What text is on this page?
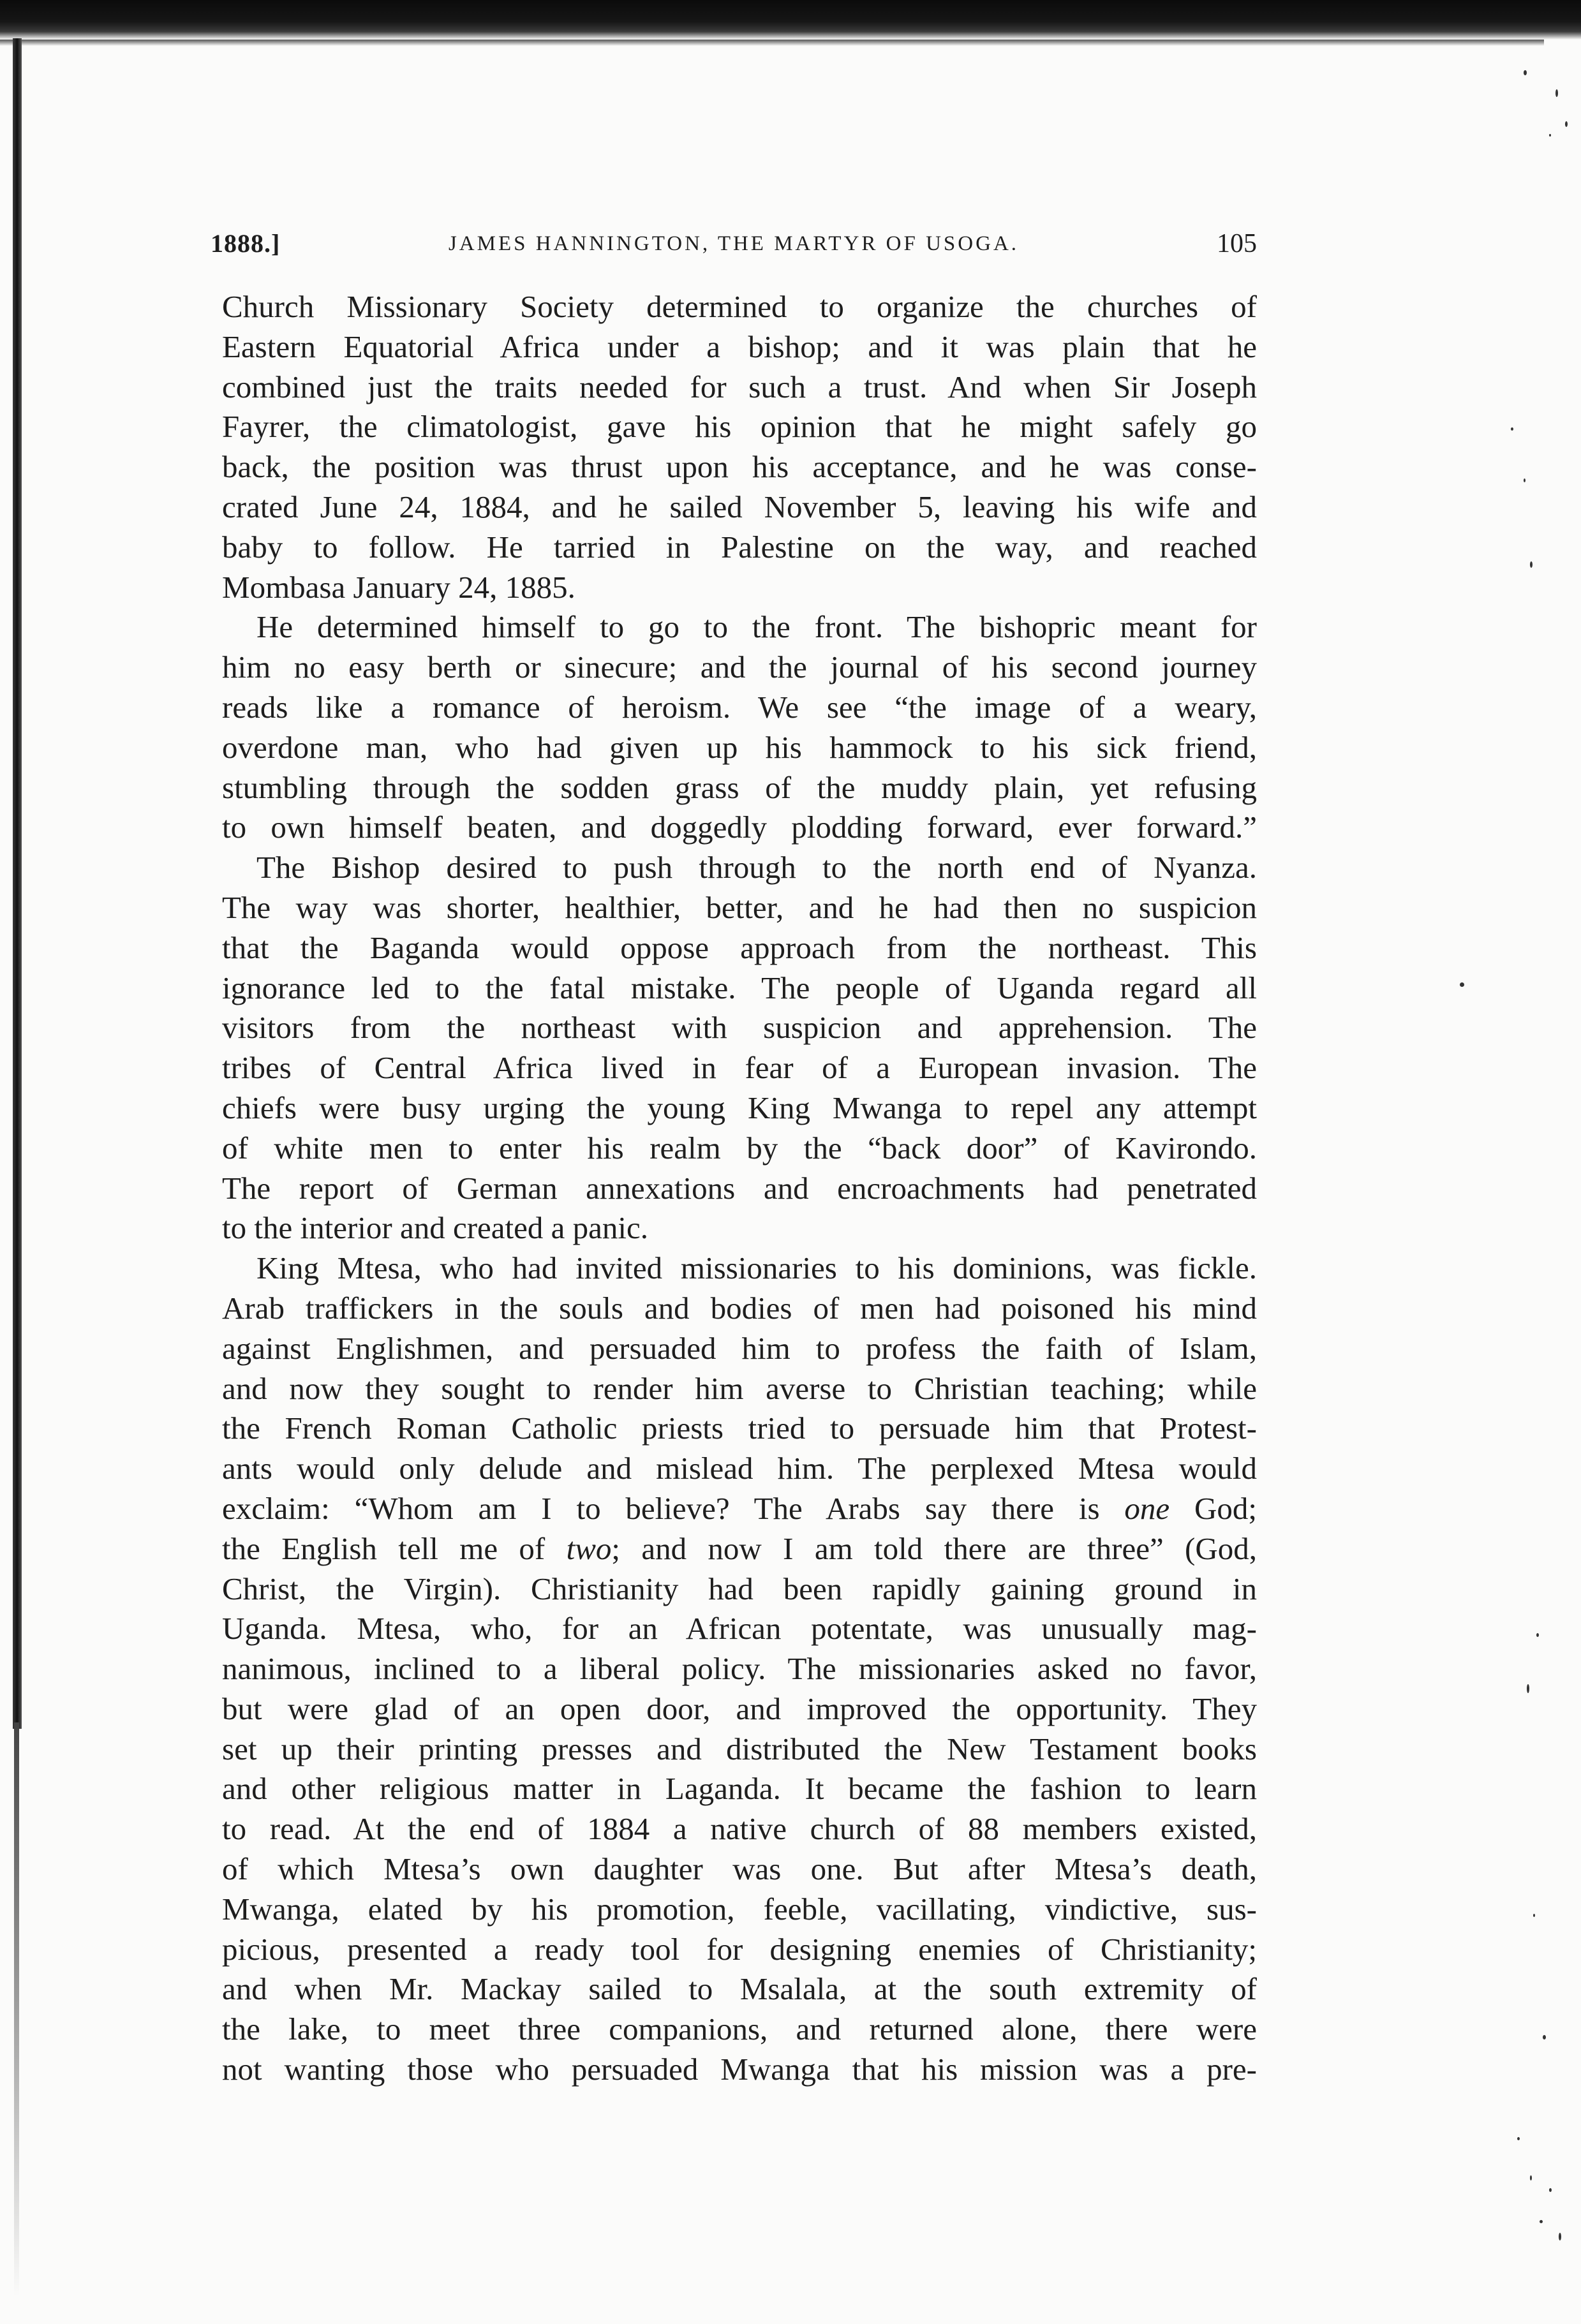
1888.]	JAMES HANNINGTON, THE MARTYR OF USOGA.	105
Church Missionary Society determined to organize the churches of
Eastern Equatorial Africa under a bishop; and it was plain that he
combined just the traits needed for such a trust. And when Sir Joseph
Fayrer, the climatologist, gave his opinion that he might safely go
back, the position was thrust upon his acceptance, and he was conse-
crated June 24, 1884, and he sailed November 5, leaving his wife and
baby to follow. He tarried in Palestine on the way, and reached
Mombasa January 24, 1885.
He determined himself to go to the front. The bishopric meant for
him no easy berth or sinecure; and the journal of his second journey
reads like a romance of heroism. We see “the image of a weary,
overdone man, who had given up his hammock to his sick friend,
stumbling through the sodden grass of the muddy plain, yet refusing
to own himself beaten, and doggedly plodding forward, ever forward.”
The Bishop desired to push through to the north end of Nyanza.
The way was shorter, healthier, better, and he had then no suspicion
that the Baganda would oppose approach from the northeast. This
ignorance led to the fatal mistake. The people of Uganda regard all
visitors from the northeast with suspicion and apprehension. The
tribes of Central Africa lived in fear of a European invasion. The
chiefs were busy urging the young King Mwanga to repel any attempt
of white men to enter his realm by the “back door” of Kavirondo.
The report of German annexations and encroachments had penetrated
to the interior and created a panic.
King Mtesa, who had invited missionaries to his dominions, was fickle.
Arab traffickers in the souls and bodies of men had poisoned his mind
against Englishmen, and persuaded him to profess the faith of Islam,
and now they sought to render him averse to Christian teaching; while
the French Roman Catholic priests tried to persuade him that Protest-
ants would only delude and mislead him. The perplexed Mtesa would
exclaim: “Whom am I to believe? The Arabs say there is one God;
the English tell me of two; and now I am told there are three” (God,
Christ, the Virgin). Christianity had been rapidly gaining ground in
Uganda. Mtesa, who, for an African potentate, was unusually mag-
nanimous, inclined to a liberal policy. The missionaries asked no favor,
but were glad of an open door, and improved the opportunity. They
set up their printing presses and distributed the New Testament books
and other religious matter in Laganda. It became the fashion to learn
to read. At the end of 1884 a native church of 88 members existed,
of which Mtesa’s own daughter was one. But after Mtesa’s death,
Mwanga, elated by his promotion, feeble, vacillating, vindictive, sus-
picious, presented a ready tool for designing enemies of Christianity;
and when Mr. Mackay sailed to Msalala, at the south extremity of
the lake, to meet three companions, and returned alone, there were
not wanting those who persuaded Mwanga that his mission was a pre-
